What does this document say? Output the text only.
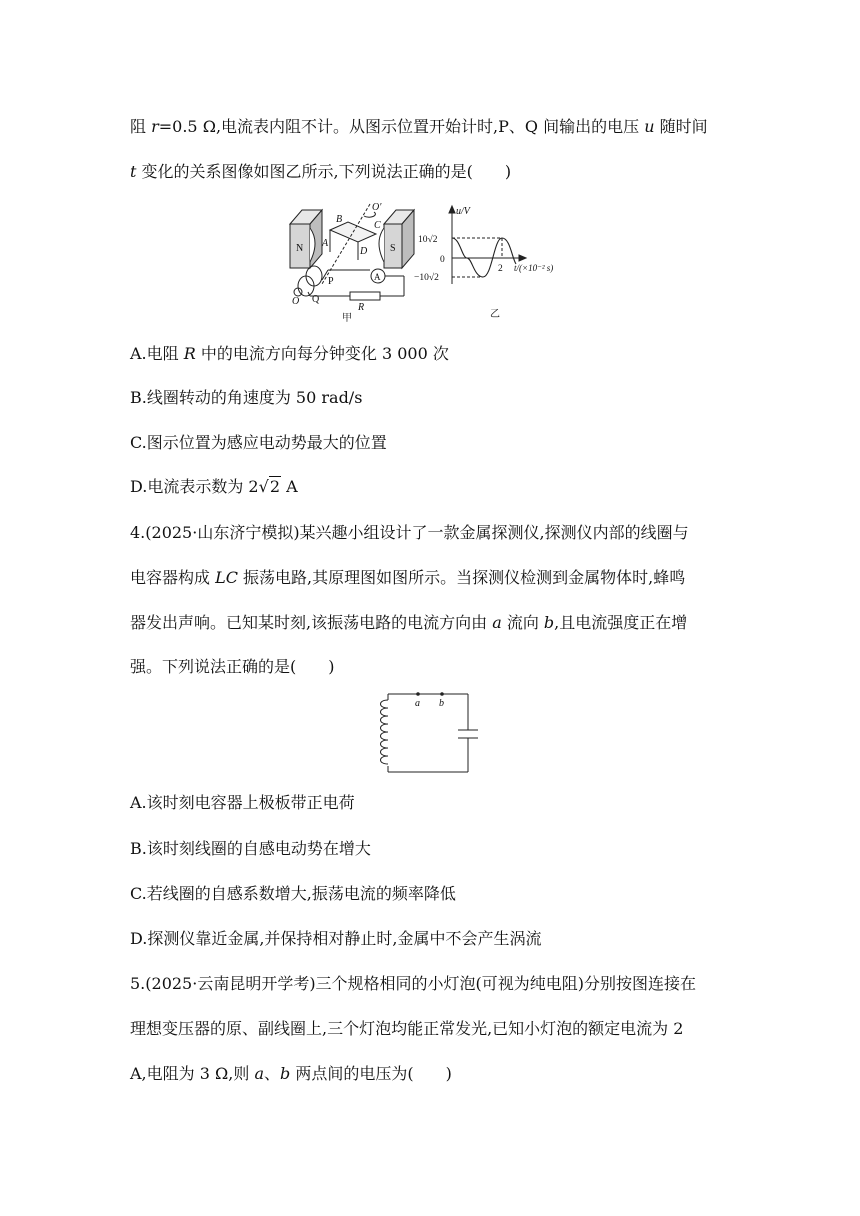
阻 r=0.5 Ω,电流表内阻不计。从图示位置开始计时,P、Q 间输出的电压 u 随时间
t 变化的关系图像如图乙所示,下列说法正确的是(　　)
N	S
A
B
C
D
O′
O
P
Q
R
A
甲
u/V
10√2
0
−10√2
2 t/(×10⁻² s)
乙
A.电阻 R 中的电流方向每分钟变化 3 000 次
B.线圈转动的角速度为 50 rad/s
C.图示位置为感应电动势最大的位置
D.电流表示数为 2√2 A
4.(2025·山东济宁模拟)某兴趣小组设计了一款金属探测仪,探测仪内部的线圈与
电容器构成 LC 振荡电路,其原理图如图所示。当探测仪检测到金属物体时,蜂鸣
器发出声响。已知某时刻,该振荡电路的电流方向由 a 流向 b,且电流强度正在增
强。下列说法正确的是(　　)
a b
A.该时刻电容器上极板带正电荷
B.该时刻线圈的自感电动势在增大
C.若线圈的自感系数增大,振荡电流的频率降低
D.探测仪靠近金属,并保持相对静止时,金属中不会产生涡流
5.(2025·云南昆明开学考)三个规格相同的小灯泡(可视为纯电阻)分别按图连接在
理想变压器的原、副线圈上,三个灯泡均能正常发光,已知小灯泡的额定电流为 2
A,电阻为 3 Ω,则 a、b 两点间的电压为(　　)
